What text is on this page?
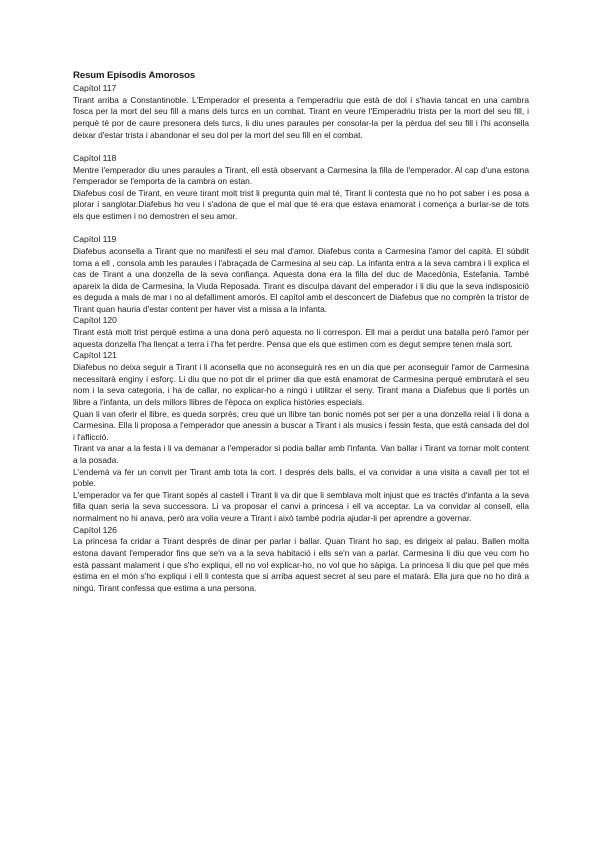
Resum Episodis Amorosos
Capítol 117

Tirant arriba a Constantinoble. L'Emperador el presenta a l'emperadriu que està de dol i s'havia tancat en una cambra fosca per la mort del seu fill a mans dels turcs en un combat. Tirant en veure l'Emperadriu trista per la mort del seu fill, i perquè té por de caure presonera dels turcs, li diu unes paraules per consolar-la per la pèrdua del seu fill i l'hi aconsella deixar d'estar trista i abandonar el seu dol per la mort del seu fill en el combat.

Capítol 118

Mentre l'emperador diu unes paraules a Tirant, ell està observant a Carmesina la filla de l'emperador. Al cap d'una estona l'emperador se l'emporta de la cambra on estan.

Diafebus cosí de Tirant, en veure tirant molt trist li pregunta quin mal té, Tirant li contesta que no ho pot saber i es posa a plorar i sanglotar.Diafebus ho veu i s'adona de que el mal que té era que estava enamorat i comença a burlar-se de tots els que estimen i no demostren el seu amor.

Capítol 119

Diafebus aconsella a Tirant que no manifesti el seu mal d'amor. Diafebus conta a Carmesina l'amor del capità. El súbdit torna a ell , consola amb les paraules i l'abraçada de Carmesina al seu cap. La infanta entra a la seva cambra i li explica el cas de Tirant a una donzella de la seva confiança. Aquesta dona era la filla del duc de Macedònia, Estefania. També apareix la dida de Carmesina, la Viuda Reposada. Tirant es disculpa davant del emperador i li diu que la seva indisposició es deguda a mals de mar i no al defalliment amorós. El capítol amb el desconcert de Diafebus que no comprèn la tristor de Tirant quan hauria d'estar content per haver vist a missa a la infanta.

Capítol 120

Tirant està molt trist perquè estima a una dona però aquesta no li correspon. Ell mai a perdut una batalla però l'amor per aquesta donzella l'ha llençat a terra i l'ha fet perdre. Pensa que els que estimen com es degut sempre tenen mala sort.

Capítol 121

Diafebus no deixa seguir a Tirant i li aconsella que no aconseguirà res en un dia que per aconseguir l'amor de Carmesina necessitarà enginy i esforç. Li diu que no pot dir el primer dia que està enamorat de Carmesina perquè embrutarà el seu nom i la seva categoria, i ha de callar, no explicar-ho a ningú i utilitzar el seny. Tirant mana a Diafebus que li portès un llibre a l'infanta, un dels millors llibres de l'època on explica històries especials.

Quan li van oferir el llibre, es queda sorprès, creu que un llibre tan bonic només pot ser per a una donzella reial i li dona a Carmesina. Ella li proposa a l'emperador que anessin a buscar a Tirant i als musics i fessin festa, que està cansada del dol i l'aflicció.

Tirant va anar a la festa i li va demanar a l'emperador si podia ballar amb l'infanta. Van ballar i Tirant va tornar molt content a la posada.

L'endemà va fer un convit per Tirant amb tota la cort. I després dels balls, el va convidar a una visita a cavall per tot el poble.

L'emperador va fer que Tirant sopés al castell i Tirant li va dir que li semblava molt injust que es tractés d'infanta a la seva filla quan seria la seva successora. Li va proposar el canvi a princesa i ell va acceptar. La va convidar al consell, ella normalment no hi anava, però ara volia veure a Tirant i això també podria ajudar-li per aprendre a governar.

Capítol 126

La princesa fa cridar a Tirant després de dinar per parlar i ballar. Quan Tirant ho sap, es dirigeix al palau. Ballen molta estona davant l'emperador fins que se'n va a la seva habitació i ells se'n van a parlar. Carmesina li diu que veu com ho està passant malament i que s'ho expliqui, ell no vol explicar-ho, no vol que ho sàpiga. La princesa li diu que pel que més estima en el món s'ho expliqui i ell li contesta que si arriba aquest secret al seu pare el matarà. Ella jura que no ho dirà a ningú. Tirant confessa que estima a una persona.
